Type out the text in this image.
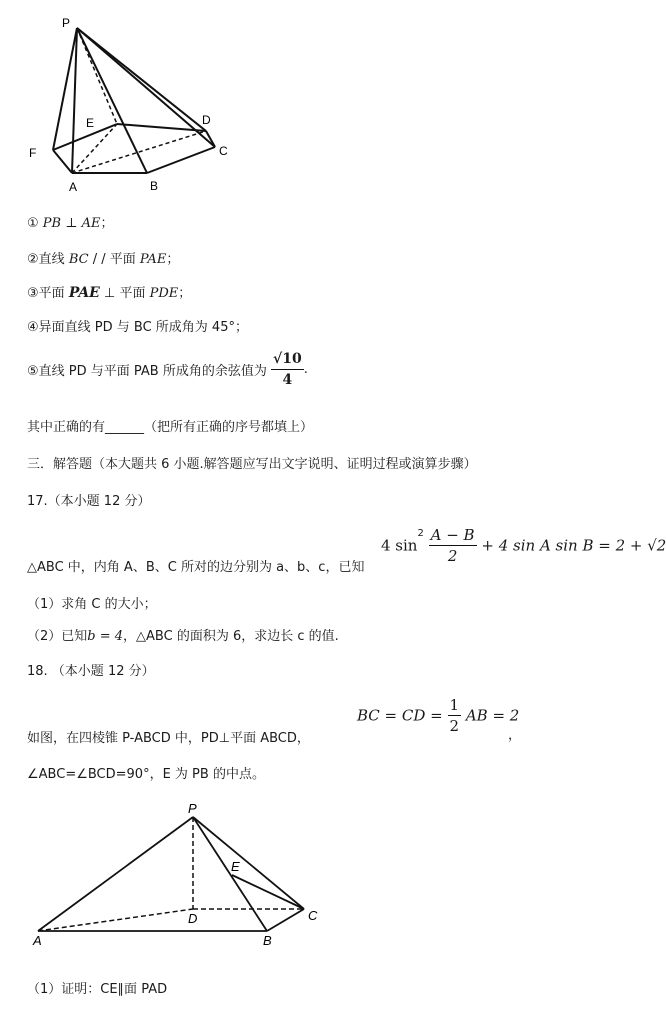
P
E	D
F	C
A	B
① PB ⊥ AE；
②直线 BC / / 平面 PAE；
③平面 PAE ⊥ 平面 PDE；
④异面直线 PD 与 BC 所成角为 45°；
⑤直线 PD 与平面 PAB 所成角的余弦值为 $\frac{√10}{4}$ .
其中正确的有______（把所有正确的序号都填上）
三．解答题（本大题共 6 小题.解答题应写出文字说明、证明过程或演算步骤）
17.（本小题 12 分）
4 $\sin^2 \frac{A - B}{2} + 4$ sin A sin B = 2 + √2
△ABC 中，内角 A、B、C 所对的边分别为 a、b、c，已知
（1）求角 C 的大小；
（2）已知b = 4，△ABC 的面积为 6，求边长 c 的值.
18. （本小题 12 分）
BC = CD = $\frac{1}{2}$ AB = 2
，
如图，在四棱锥 P-ABCD 中，PD⊥平面 ABCD，
∠ABC=∠BCD=90°，E 为 PB 的中点。
P
E
D	C
A	B
（1）证明：CE∥面 PAD
